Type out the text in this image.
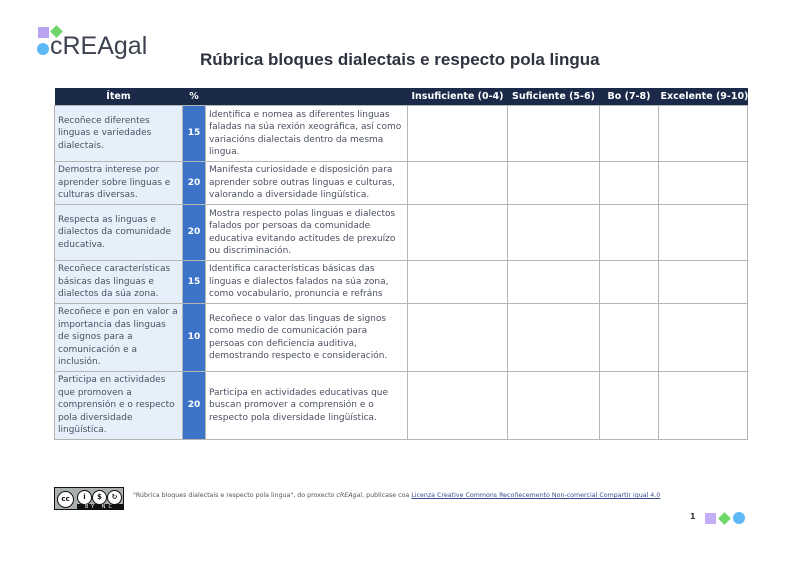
cREAgal	Rúbrica bloques dialectais e respecto pola lingua
Ítem	%		Insuficiente (0-4)	Suficiente (5-6)	Bo (7-8)	Excelente (9-10)
Recoñece diferentes linguas e variedades dialectais.	15	Identifica e nomea as diferentes linguas faladas na súa rexión xeográfica, así como variacións dialectais dentro da mesma lingua.				
Demostra interese por aprender sobre linguas e culturas diversas.	20	Manifesta curiosidade e disposición para aprender sobre outras linguas e culturas, valorando a diversidade lingüística.				
Respecta as linguas e dialectos da comunidade educativa.	20	Mostra respecto polas linguas e dialectos falados por persoas da comunidade educativa evitando actitudes de prexuízo ou discriminación.				
Recoñece características básicas das linguas e dialectos da súa zona.	15	Identifica características básicas das linguas e dialectos falados na súa zona, como vocabulario, pronuncia e refráns				
Recoñece e pon en valor a importancia das linguas de signos para a comunicación e a inclusión.	10	Recoñece o valor das linguas de signos como medio de comunicación para persoas con deficiencia auditiva, demostrando respecto e consideración.				
Participa en actividades que promoven a comprensión e o respecto pola diversidade lingüística.	20	Participa en actividades educativas que buscan promover a comprensión e o respecto pola diversidade lingüística.				
cc	i	$	↻
BY NC SA
"Rúbrica bloques dialectais e respecto pola lingua", do proxecto cREAgal, publícase coa Licenza Creative Commons Recoñecemento Non-comercial Compartir igual 4.0
1
